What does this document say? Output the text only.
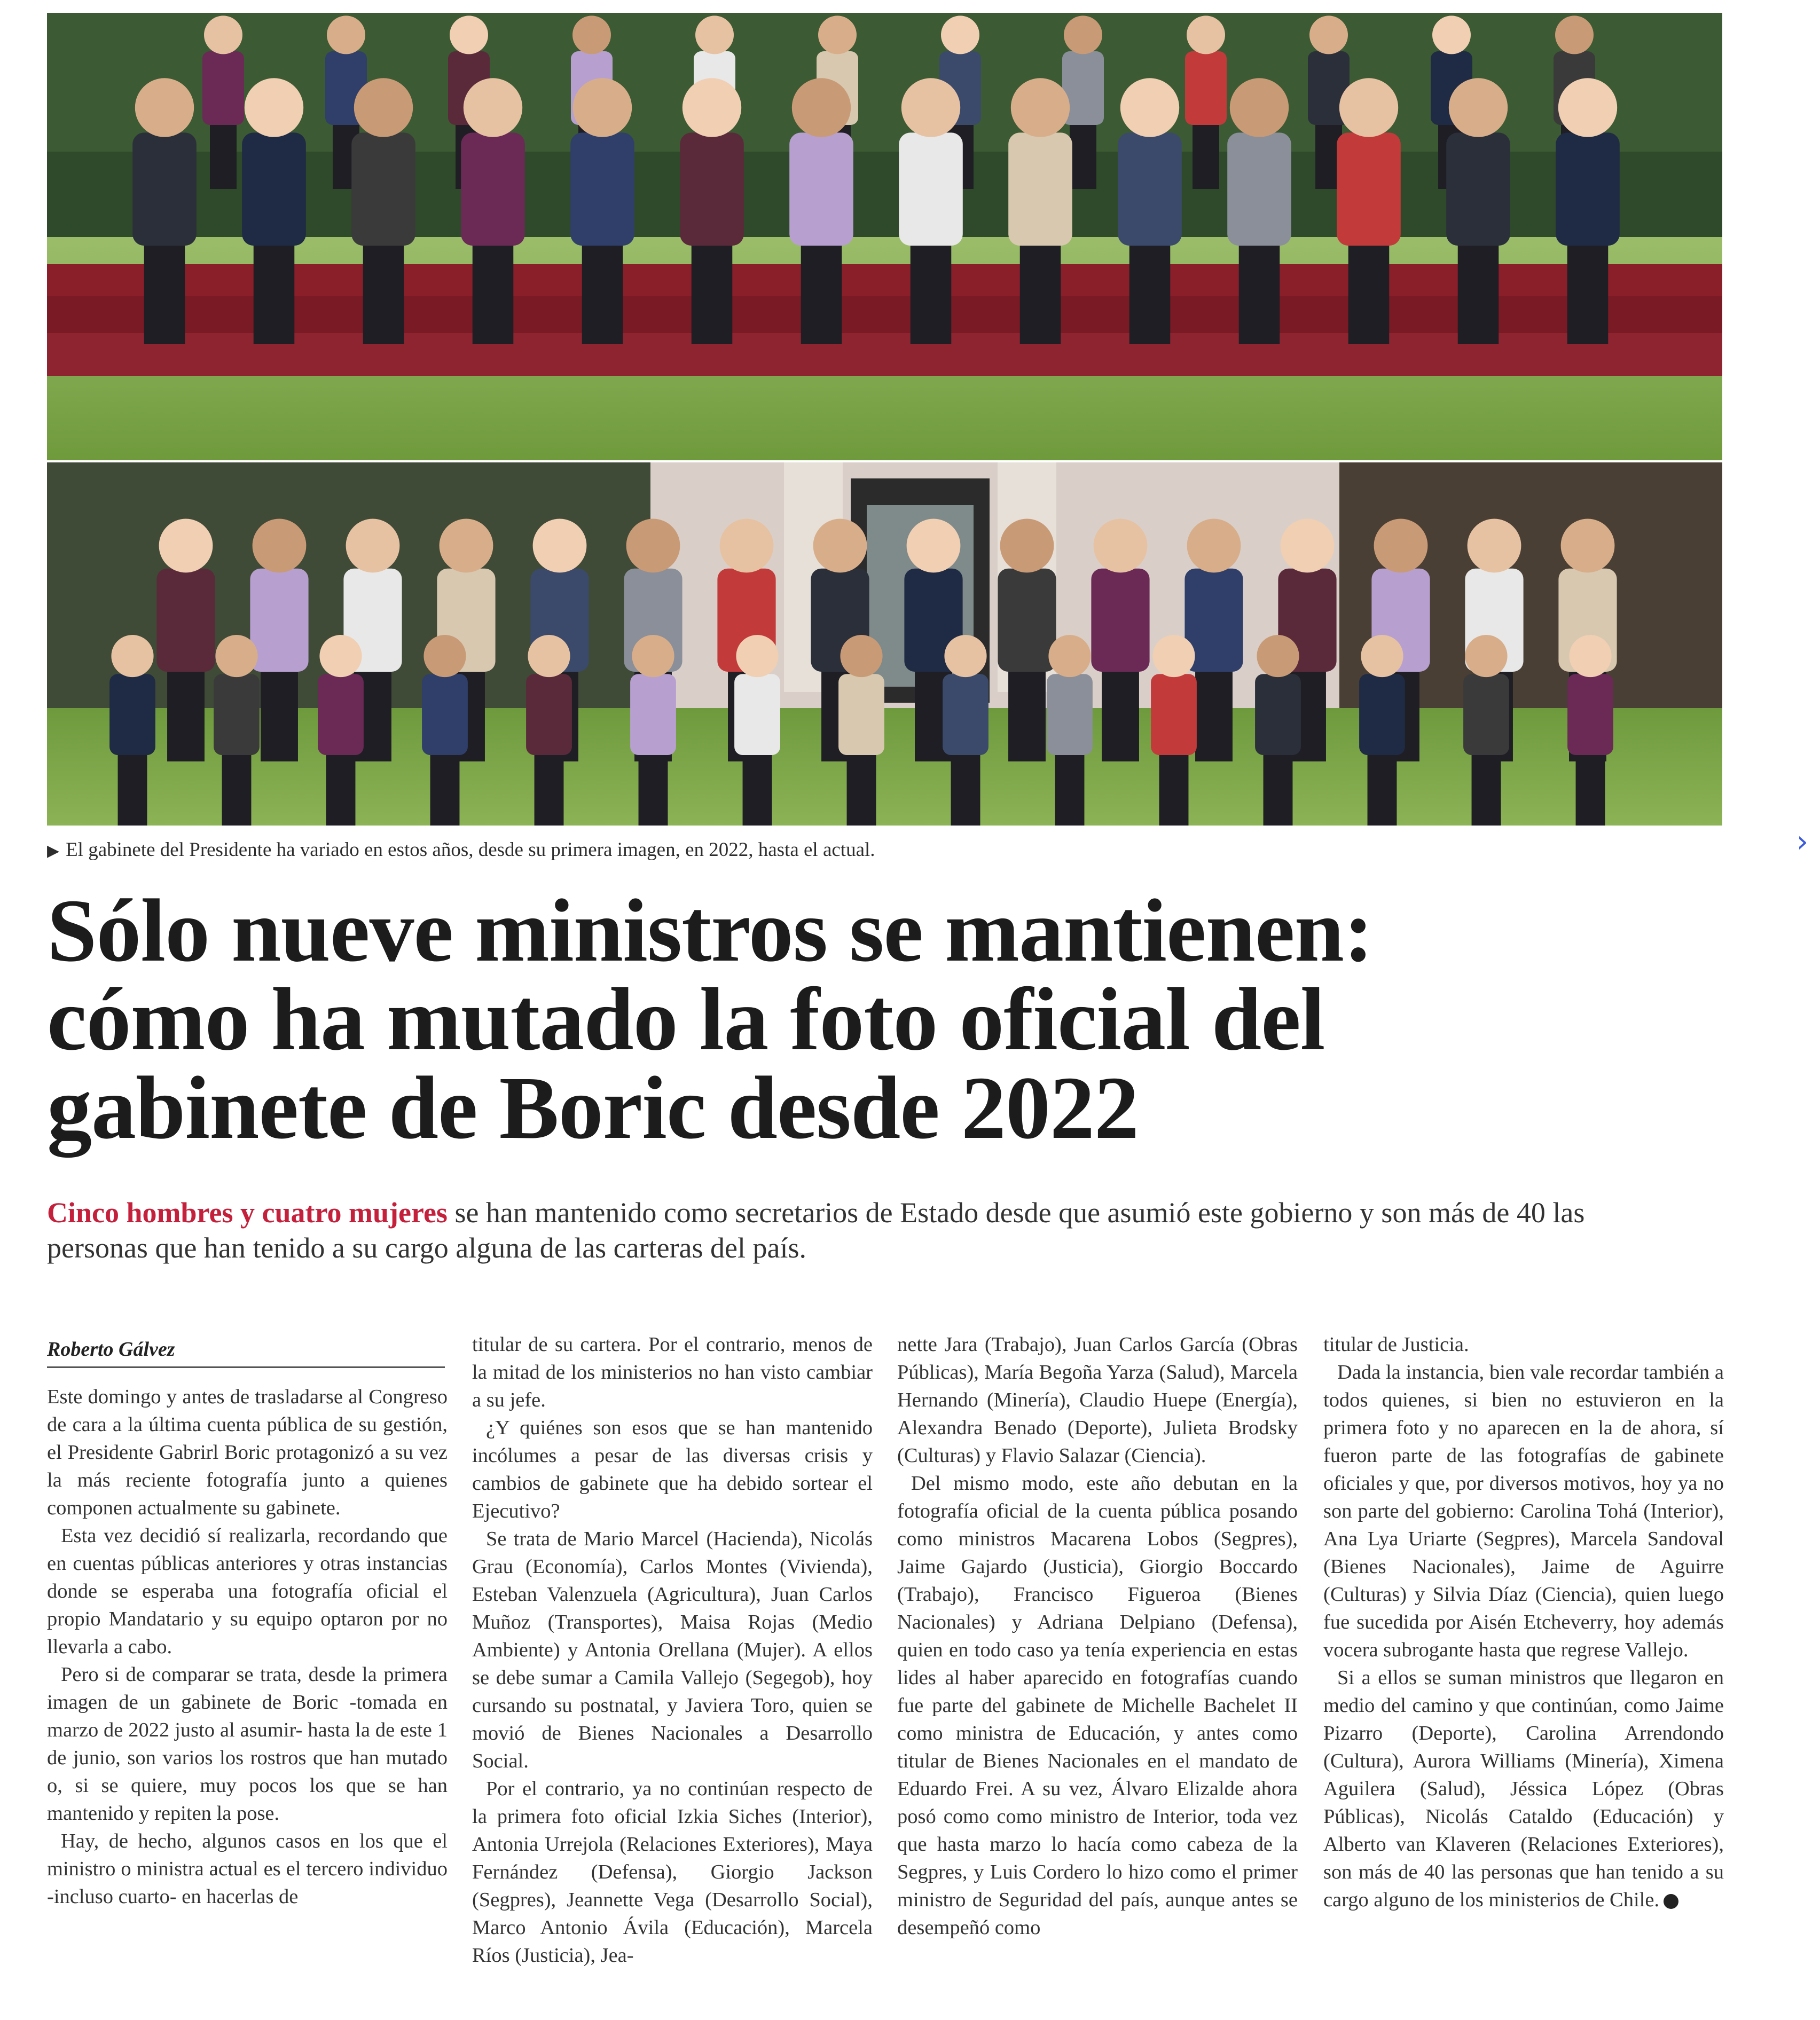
▶ El gabinete del Presidente ha variado en estos años, desde su primera imagen, en 2022, hasta el actual.	›
Sólo nueve ministros se mantienen:
cómo ha mutado la foto oficial del
gabinete de Boric desde 2022

Cinco hombres y cuatro mujeres se han mantenido como secretarios de Estado desde que asumió este gobierno y son más de 40 las personas que han tenido a su cargo alguna de las carteras del país.

Roberto Gálvez

Este domingo y antes de trasladarse al Congreso de cara a la última cuenta pública de su gestión, el Presidente Gabrirl Boric protagonizó a su vez la más reciente fotografía junto a quienes componen actualmente su gabinete.

Esta vez decidió sí realizarla, recordando que en cuentas públicas anteriores y otras instancias donde se esperaba una fotografía oficial el propio Mandatario y su equipo optaron por no llevarla a cabo.

Pero si de comparar se trata, desde la primera imagen de un gabinete de Boric -tomada en marzo de 2022 justo al asumir- hasta la de este 1 de junio, son varios los rostros que han mutado o, si se quiere, muy pocos los que se han mantenido y repiten la pose.

Hay, de hecho, algunos casos en los que el ministro o ministra actual es el tercero individuo -incluso cuarto- en hacerlas de

titular de su cartera. Por el contrario, menos de la mitad de los ministerios no han visto cambiar a su jefe.

¿Y quiénes son esos que se han mantenido incólumes a pesar de las diversas crisis y cambios de gabinete que ha debido sortear el Ejecutivo?

Se trata de Mario Marcel (Hacienda), Nicolás Grau (Economía), Carlos Montes (Vivienda), Esteban Valenzuela (Agricultura), Juan Carlos Muñoz (Transportes), Maisa Rojas (Medio Ambiente) y Antonia Orellana (Mujer). A ellos se debe sumar a Camila Vallejo (Segegob), hoy cursando su postnatal, y Javiera Toro, quien se movió de Bienes Nacionales a Desarrollo Social.

Por el contrario, ya no continúan respecto de la primera foto oficial Izkia Siches (Interior), Antonia Urrejola (Relaciones Exteriores), Maya Fernández (Defensa), Giorgio Jackson (Segpres), Jeannette Vega (Desarrollo Social), Marco Antonio Ávila (Educación), Marcela Ríos (Justicia), Jea-

nette Jara (Trabajo), Juan Carlos García (Obras Públicas), María Begoña Yarza (Salud), Marcela Hernando (Minería), Claudio Huepe (Energía), Alexandra Benado (Deporte), Julieta Brodsky (Culturas) y Flavio Salazar (Ciencia).

Del mismo modo, este año debutan en la fotografía oficial de la cuenta pública posando como ministros Macarena Lobos (Segpres), Jaime Gajardo (Justicia), Giorgio Boccardo (Trabajo), Francisco Figueroa (Bienes Nacionales) y Adriana Delpiano (Defensa), quien en todo caso ya tenía experiencia en estas lides al haber aparecido en fotografías cuando fue parte del gabinete de Michelle Bachelet II como ministra de Educación, y antes como titular de Bienes Nacionales en el mandato de Eduardo Frei. A su vez, Álvaro Elizalde ahora posó como como ministro de Interior, toda vez que hasta marzo lo hacía como cabeza de la Segpres, y Luis Cordero lo hizo como el primer ministro de Seguridad del país, aunque antes se desempeñó como

titular de Justicia.

Dada la instancia, bien vale recordar también a todos quienes, si bien no estuvieron en la primera foto y no aparecen en la de ahora, sí fueron parte de las fotografías de gabinete oficiales y que, por diversos motivos, hoy ya no son parte del gobierno: Carolina Tohá (Interior), Ana Lya Uriarte (Segpres), Marcela Sandoval (Bienes Nacionales), Jaime de Aguirre (Culturas) y Silvia Díaz (Ciencia), quien luego fue sucedida por Aisén Etcheverry, hoy además vocera subrogante hasta que regrese Vallejo.

Si a ellos se suman ministros que llegaron en medio del camino y que continúan, como Jaime Pizarro (Deporte), Carolina Arrendondo (Cultura), Aurora Williams (Minería), Ximena Aguilera (Salud), Jéssica López (Obras Públicas), Nicolás Cataldo (Educación) y Alberto van Klaveren (Relaciones Exteriores), son más de 40 las personas que han tenido a su cargo alguno de los ministerios de Chile.
